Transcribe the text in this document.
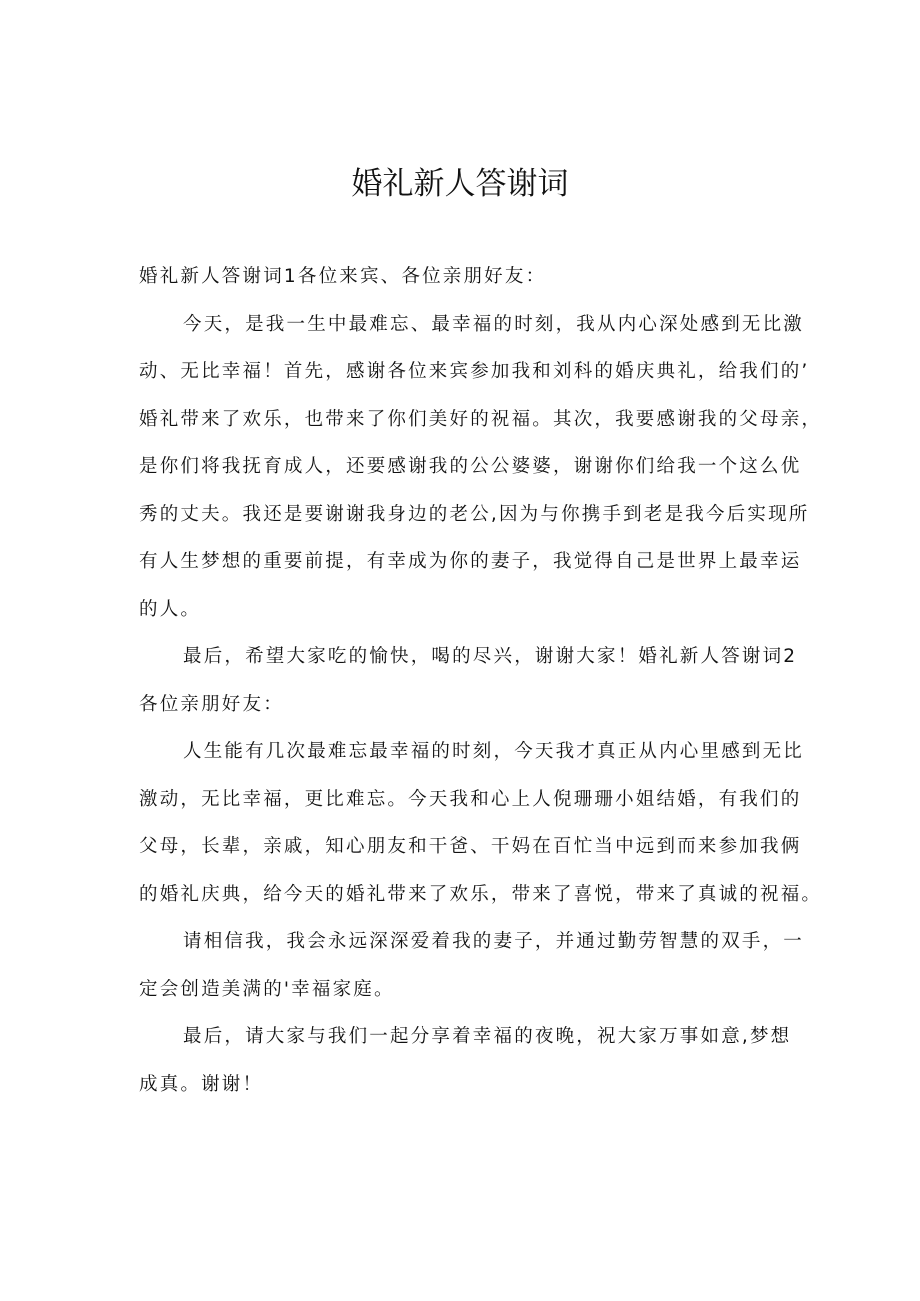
婚礼新人答谢词
婚礼新人答谢词1各位来宾、各位亲朋好友：
今天，是我一生中最难忘、最幸福的时刻，我从内心深处感到无比激
动、无比幸福！首先，感谢各位来宾参加我和刘科的婚庆典礼，给我们的’
婚礼带来了欢乐，也带来了你们美好的祝福。其次，我要感谢我的父母亲，
是你们将我抚育成人，还要感谢我的公公婆婆，谢谢你们给我一个这么优
秀的丈夫。我还是要谢谢我身边的老公,因为与你携手到老是我今后实现所
有人生梦想的重要前提，有幸成为你的妻子，我觉得自己是世界上最幸运
的人。
最后，希望大家吃的愉快，喝的尽兴，谢谢大家！婚礼新人答谢词2
各位亲朋好友：
人生能有几次最难忘最幸福的时刻，今天我才真正从内心里感到无比
激动，无比幸福，更比难忘。今天我和心上人倪珊珊小姐结婚，有我们的
父母，长辈，亲戚，知心朋友和干爸、干妈在百忙当中远到而来参加我俩
的婚礼庆典，给今天的婚礼带来了欢乐，带来了喜悦，带来了真诚的祝福。
请相信我，我会永远深深爱着我的妻子，并通过勤劳智慧的双手，一
定会创造美满的'幸福家庭。
最后，请大家与我们一起分享着幸福的夜晚，祝大家万事如意,梦想
成真。谢谢！
